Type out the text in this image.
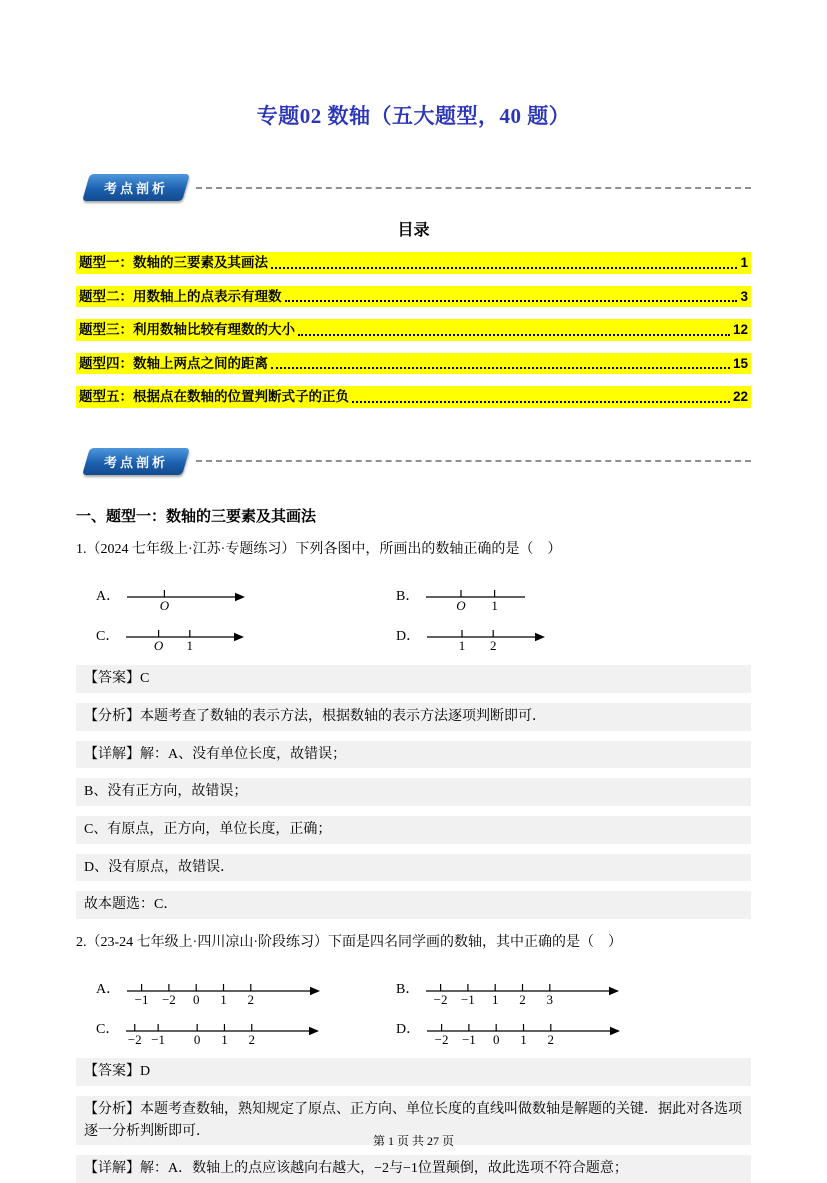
专题02 数轴（五大题型，40 题）
考点剖析
目录
题型一：数轴的三要素及其画法	1
题型二：用数轴上的点表示有理数	3
题型三：利用数轴比较有理数的大小	12
题型四：数轴上两点之间的距离	15
题型五：根据点在数轴的位置判断式子的正负	22
考点剖析
一、题型一：数轴的三要素及其画法

1.（2024 七年级上·江苏·专题练习）下列各图中，所画出的数轴正确的是（　）

A．
O
B．
O 1
C．
O 1
D．
1 2
【答案】C
【分析】本题考查了数轴的表示方法，根据数轴的表示方法逐项判断即可．
【详解】解：A、没有单位长度，故错误；
B、没有正方向，故错误；
C、有原点，正方向，单位长度，正确；
D、没有原点，故错误．
故本题选：C．

2.（23-24 七年级上·四川凉山·阶段练习）下面是四名同学画的数轴，其中正确的是（　）

A．
−1 −2 0 1 2
B．
−2 −1 1 2 3
C．
−2 −1 0 1 2
D．
−2 −1 0 1 2
【答案】D
【分析】本题考查数轴，熟知规定了原点、正方向、单位长度的直线叫做数轴是解题的关键．据此对各选项逐一分析判断即可．
【详解】解：A．数轴上的点应该越向右越大，−2与−1位置颠倒，故此选项不符合题意；
第 1 页 共 27 页
